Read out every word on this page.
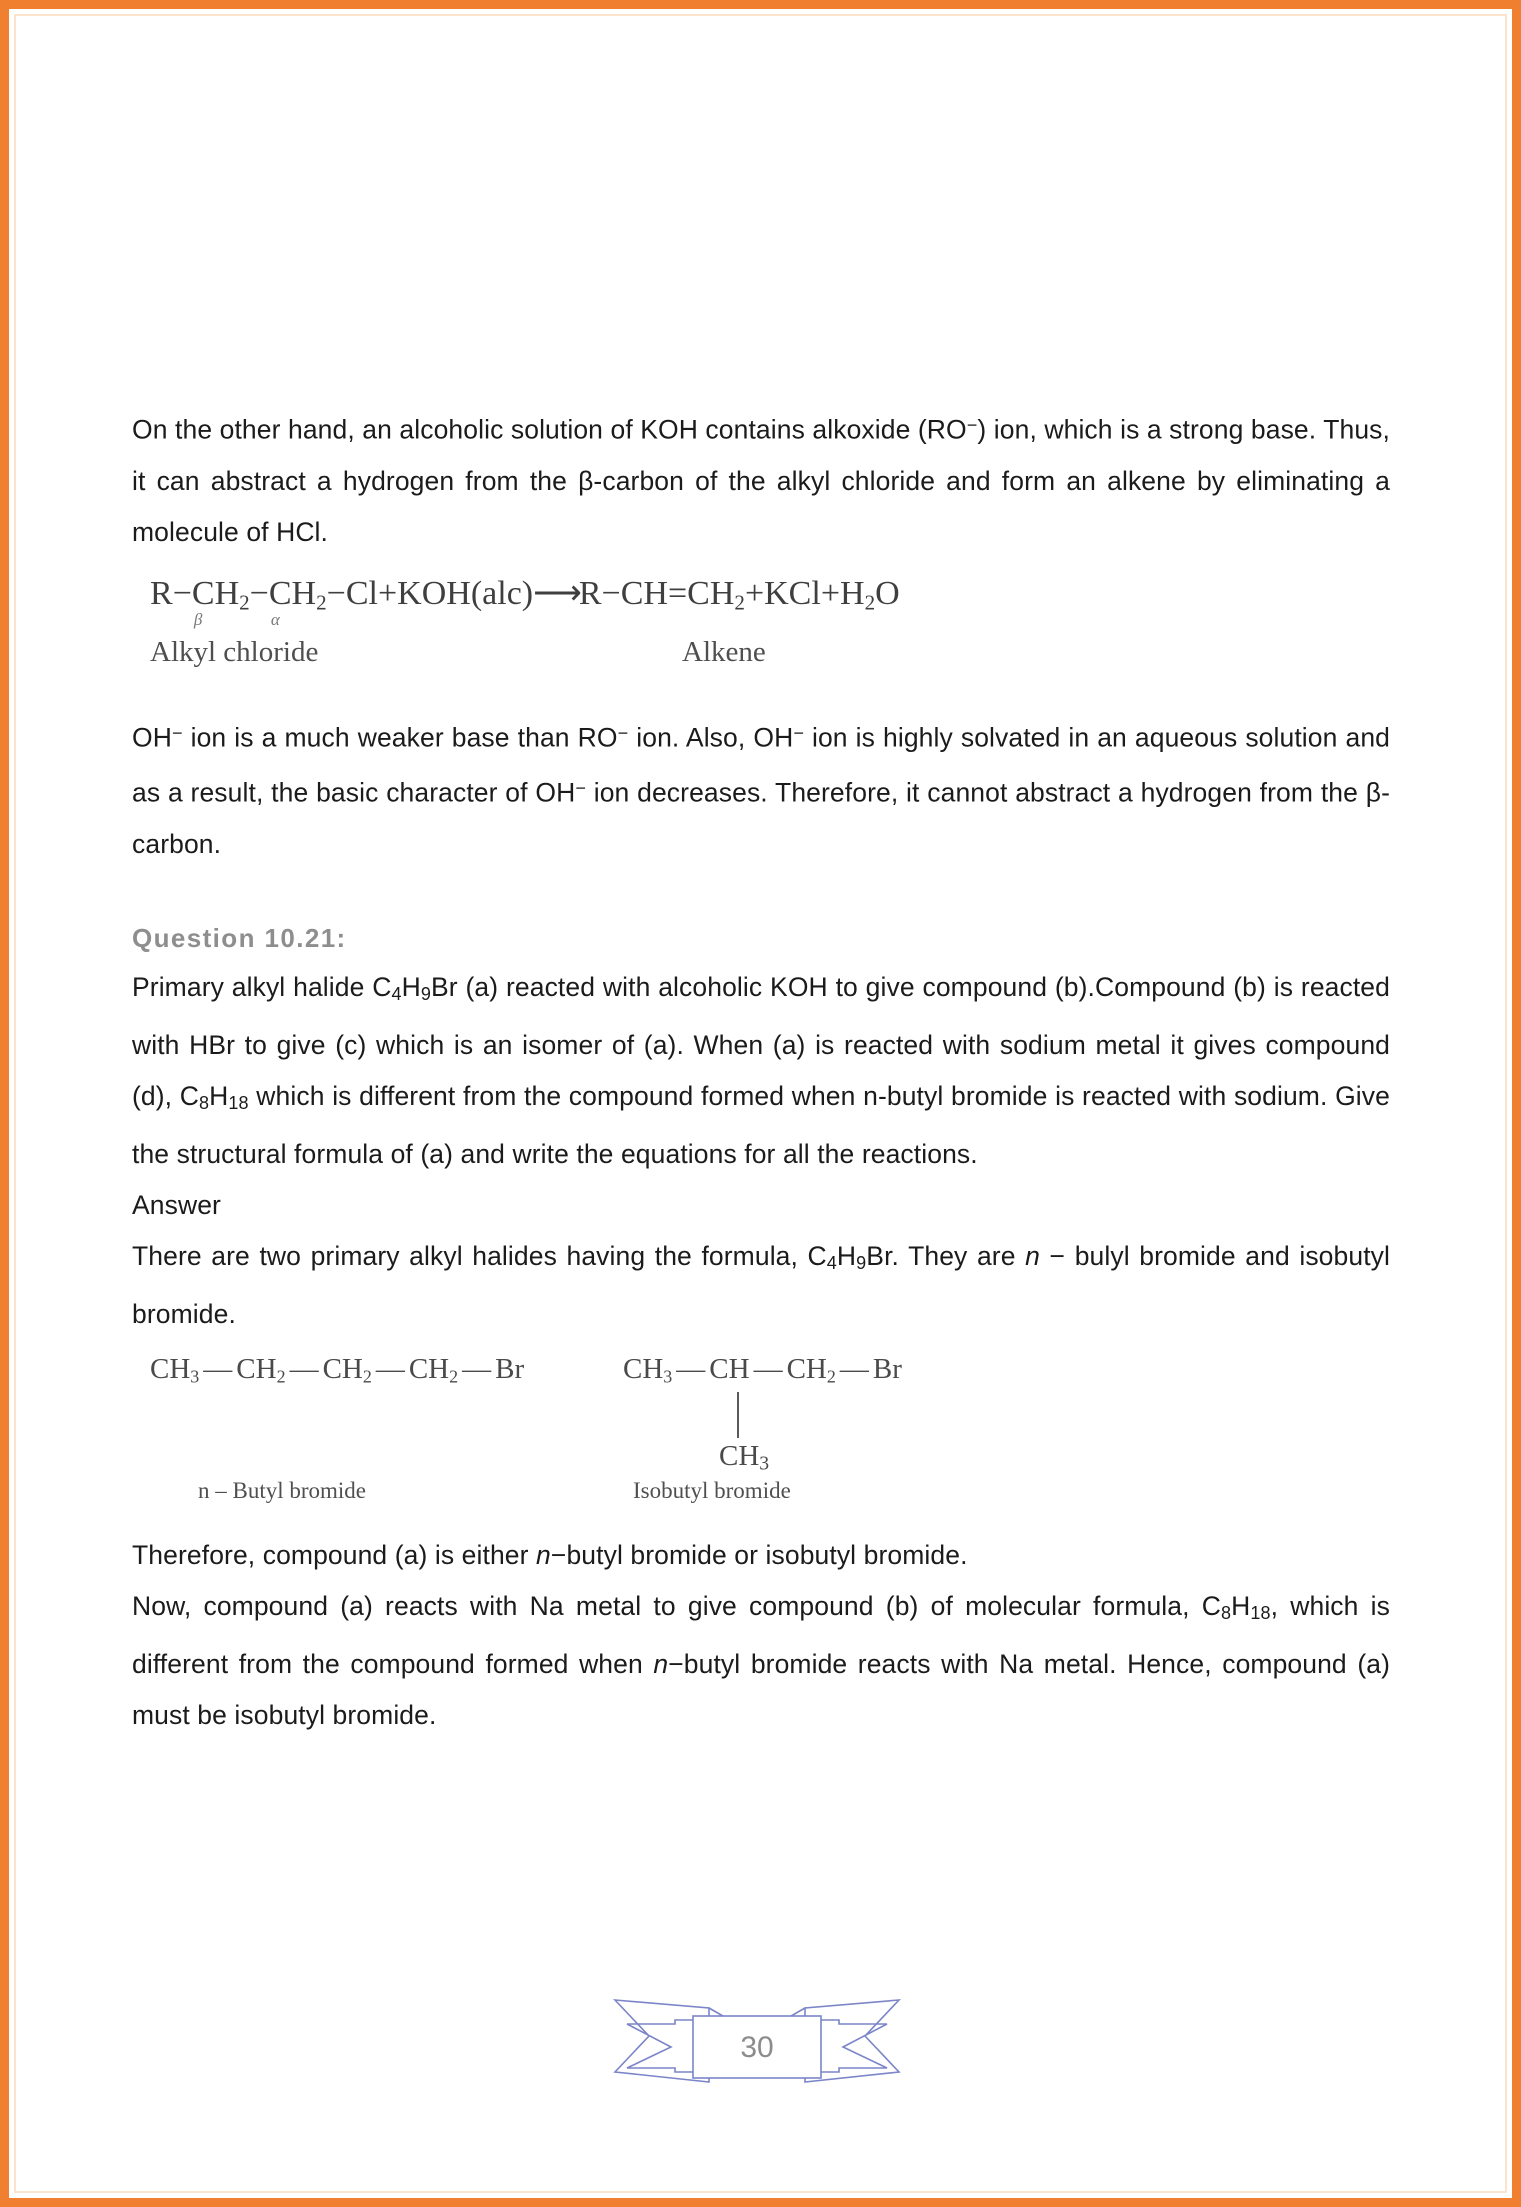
On the other hand, an alcoholic solution of KOH contains alkoxide (RO−) ion, which is a strong base. Thus, it can abstract a hydrogen from the β-carbon of the alkyl chloride and form an alkene by eliminating a molecule of HCl.

R−C
β
$H_2-C$
α
$H_2-Cl+KOH(alc)⟶R-CH=CH_2+KCl+H_2O$
Alkyl chloride	Alkene

OH− ion is a much weaker base than RO− ion. Also, OH− ion is highly solvated in an aqueous solution and as a result, the basic character of OH− ion decreases. Therefore, it cannot abstract a hydrogen from the β-carbon.

Question 10.21:

Primary alkyl halide $C_4H_9Br$ (a) reacted with alcoholic KOH to give compound (b).Compound (b) is reacted with HBr to give (c) which is an isomer of (a). When (a) is reacted with sodium metal it gives compound (d), $C_8H_{18}$ which is different from the compound formed when n-butyl bromide is reacted with sodium. Give the structural formula of (a) and write the equations for all the reactions.

Answer

There are two primary alkyl halides having the formula, $C_4H_9Br$. They are n − bulyl bromide and isobutyl bromide.

$CH_3$ — $CH_2$ — $CH_2$ — $CH_2$ — Br
n – Butyl bromide
$CH_3$ — CH — $CH_2$ — Br
$CH_3$
Isobutyl bromide

Therefore, compound (a) is either n−butyl bromide or isobutyl bromide.

Now, compound (a) reacts with Na metal to give compound (b) of molecular formula, $C_8H_{18}$, which is different from the compound formed when n−butyl bromide reacts with Na metal. Hence, compound (a) must be isobutyl bromide.

30
